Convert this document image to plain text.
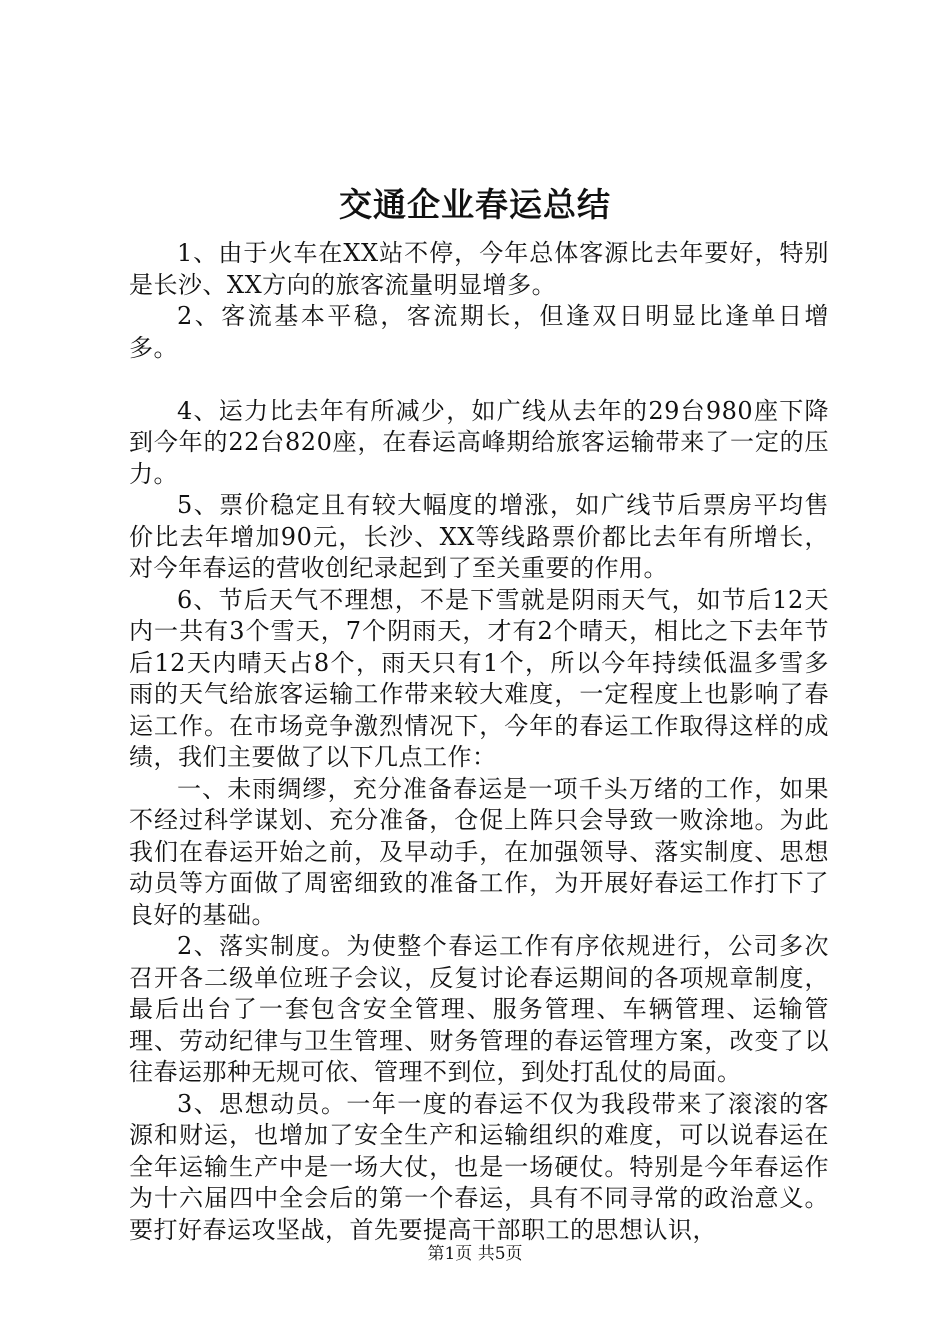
交通企业春运总结

1、由于火车在XX站不停，今年总体客源比去年要好，特别是长沙、XX方向的旅客流量明显增多。

2、客流基本平稳，客流期长，但逢双日明显比逢单日增多。

4、运力比去年有所减少，如广线从去年的29台980座下降到今年的22台820座，在春运高峰期给旅客运输带来了一定的压力。

5、票价稳定且有较大幅度的增涨，如广线节后票房平均售价比去年增加90元，长沙、XX等线路票价都比去年有所增长，对今年春运的营收创纪录起到了至关重要的作用。

6、节后天气不理想，不是下雪就是阴雨天气，如节后12天内一共有3个雪天，7个阴雨天，才有2个晴天，相比之下去年节后12天内晴天占8个，雨天只有1个，所以今年持续低温多雪多雨的天气给旅客运输工作带来较大难度，一定程度上也影响了春运工作。在市场竞争激烈情况下，今年的春运工作取得这样的成绩，我们主要做了以下几点工作：

一、未雨绸缪，充分准备春运是一项千头万绪的工作，如果不经过科学谋划、充分准备，仓促上阵只会导致一败涂地。为此我们在春运开始之前，及早动手，在加强领导、落实制度、思想动员等方面做了周密细致的准备工作，为开展好春运工作打下了良好的基础。

2、落实制度。为使整个春运工作有序依规进行，公司多次召开各二级单位班子会议，反复讨论春运期间的各项规章制度，最后出台了一套包含安全管理、服务管理、车辆管理、运输管理、劳动纪律与卫生管理、财务管理的春运管理方案，改变了以往春运那种无规可依、管理不到位，到处打乱仗的局面。

3、思想动员。一年一度的春运不仅为我段带来了滚滚的客源和财运，也增加了安全生产和运输组织的难度，可以说春运在全年运输生产中是一场大仗，也是一场硬仗。特别是今年春运作为十六届四中全会后的第一个春运，具有不同寻常的政治意义。要打好春运攻坚战，首先要提高干部职工的思想认识，

第1页 共5页
